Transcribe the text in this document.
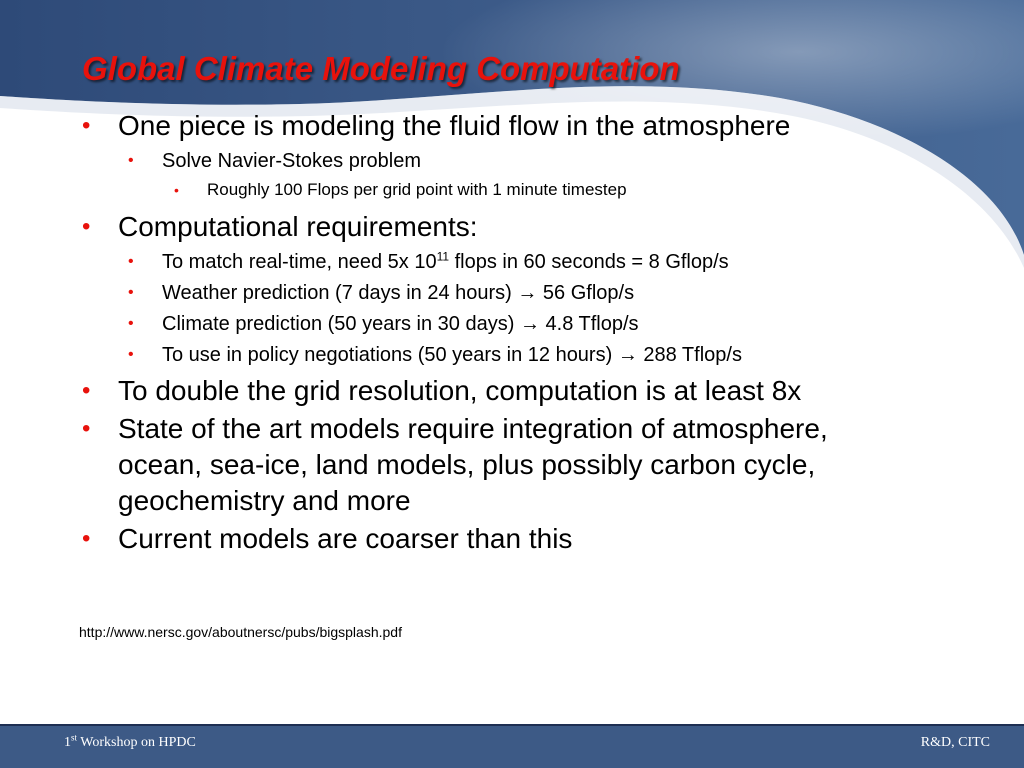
Global Climate Modeling Computation
• One piece is modeling the fluid flow in the atmosphere
•	Solve Navier-Stokes problem
•	Roughly 100 Flops per grid point with 1 minute timestep
• Computational requirements:
•	To match real-time, need 5x $10^{11}$ flops in 60 seconds = 8 Gflop/s
•	Weather prediction (7 days in 24 hours) → 56 Gflop/s
•	Climate prediction (50 years in 30 days) → 4.8 Tflop/s
•	To use in policy negotiations (50 years in 12 hours) → 288 Tflop/s
• To double the grid resolution, computation is at least 8x
• State of the art models require integration of atmosphere, ocean, sea-ice, land models, plus possibly carbon cycle, geochemistry and more
• Current models are coarser than this
http://www.nersc.gov/aboutnersc/pubs/bigsplash.pdf
1st Workshop on HPDC	R&D, CITC
